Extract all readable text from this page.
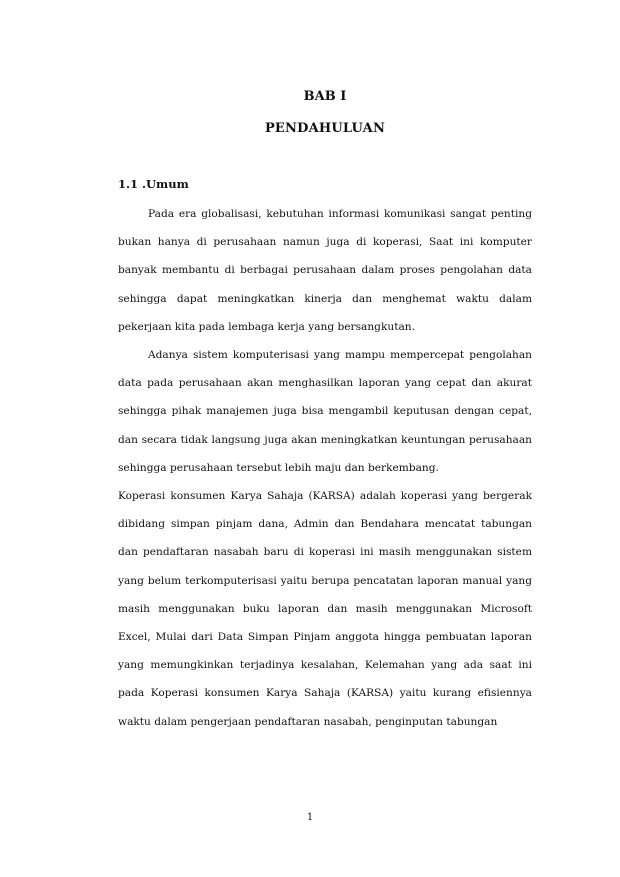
BAB I
PENDAHULUAN
1.1 .Umum

Pada era globalisasi, kebutuhan informasi komunikasi sangat penting bukan hanya di perusahaan namun juga di koperasi, Saat ini komputer banyak membantu di berbagai perusahaan dalam proses pengolahan data sehingga dapat meningkatkan kinerja dan menghemat waktu dalam pekerjaan kita pada lembaga kerja yang bersangkutan.

Adanya sistem komputerisasi yang mampu mempercepat pengolahan data pada perusahaan akan menghasilkan laporan yang cepat dan akurat sehingga pihak manajemen juga bisa mengambil keputusan dengan cepat, dan secara tidak langsung juga akan meningkatkan keuntungan perusahaan sehingga perusahaan tersebut lebih maju dan berkembang.

Koperasi konsumen Karya Sahaja (KARSA) adalah koperasi yang bergerak dibidang simpan pinjam dana, Admin dan Bendahara mencatat tabungan dan pendaftaran nasabah baru di koperasi ini masih menggunakan sistem yang belum terkomputerisasi yaitu berupa pencatatan laporan manual yang masih menggunakan buku laporan dan masih menggunakan Microsoft Excel, Mulai dari Data Simpan Pinjam anggota hingga pembuatan laporan yang memungkinkan terjadinya kesalahan, Kelemahan yang ada saat ini pada Koperasi konsumen Karya Sahaja (KARSA) yaitu kurang efisiennya waktu dalam pengerjaan pendaftaran nasabah, penginputan tabungan

1
